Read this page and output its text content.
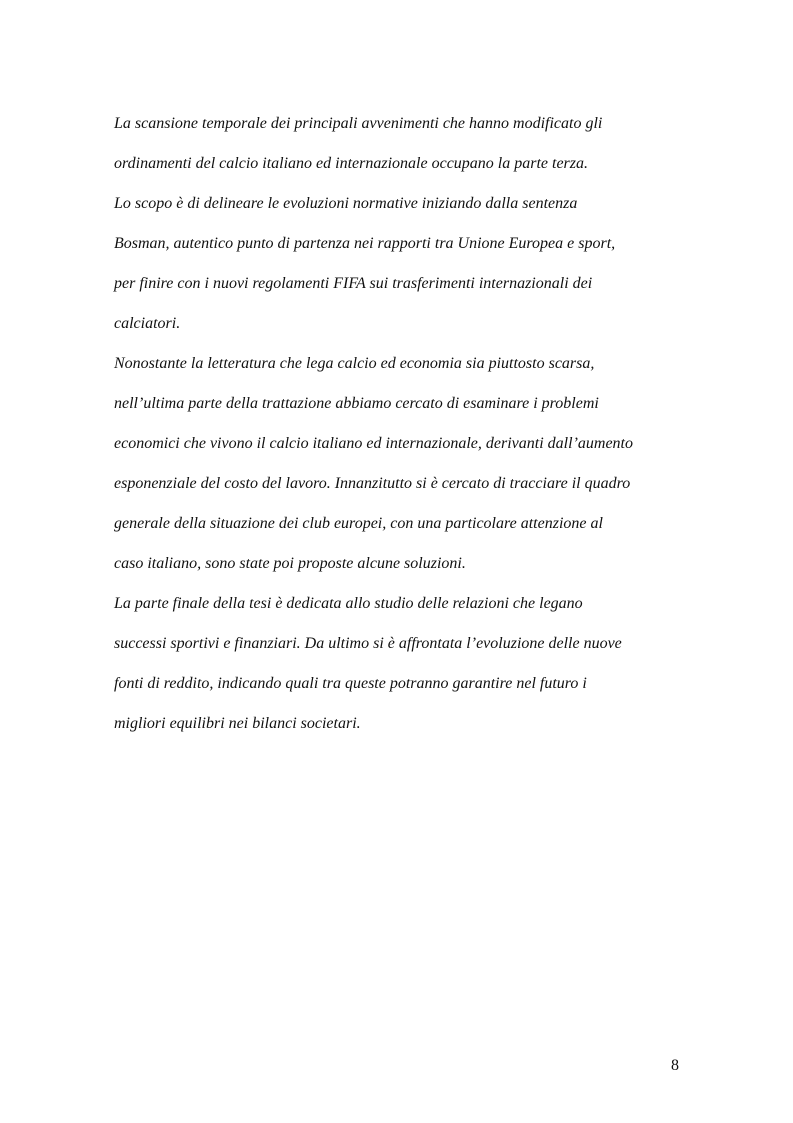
La scansione temporale dei principali avvenimenti che hanno modificato gli
ordinamenti del calcio italiano ed internazionale occupano la parte terza.
Lo scopo è di delineare le evoluzioni normative iniziando dalla sentenza
Bosman, autentico punto di partenza nei rapporti tra Unione Europea e sport,
per finire con i nuovi regolamenti FIFA sui trasferimenti internazionali dei
calciatori.
Nonostante la letteratura che lega calcio ed economia sia piuttosto scarsa,
nell’ultima parte della trattazione abbiamo cercato di esaminare i problemi
economici che vivono il calcio italiano ed internazionale, derivanti dall’aumento
esponenziale del costo del lavoro. Innanzitutto si è cercato di tracciare il quadro
generale della situazione dei club europei, con una particolare attenzione al
caso italiano, sono state poi proposte alcune soluzioni.
La parte finale della tesi è dedicata allo studio delle relazioni che legano
successi sportivi e finanziari. Da ultimo si è affrontata l’evoluzione delle nuove
fonti di reddito, indicando quali tra queste potranno garantire nel futuro i
migliori equilibri nei bilanci societari.
8
